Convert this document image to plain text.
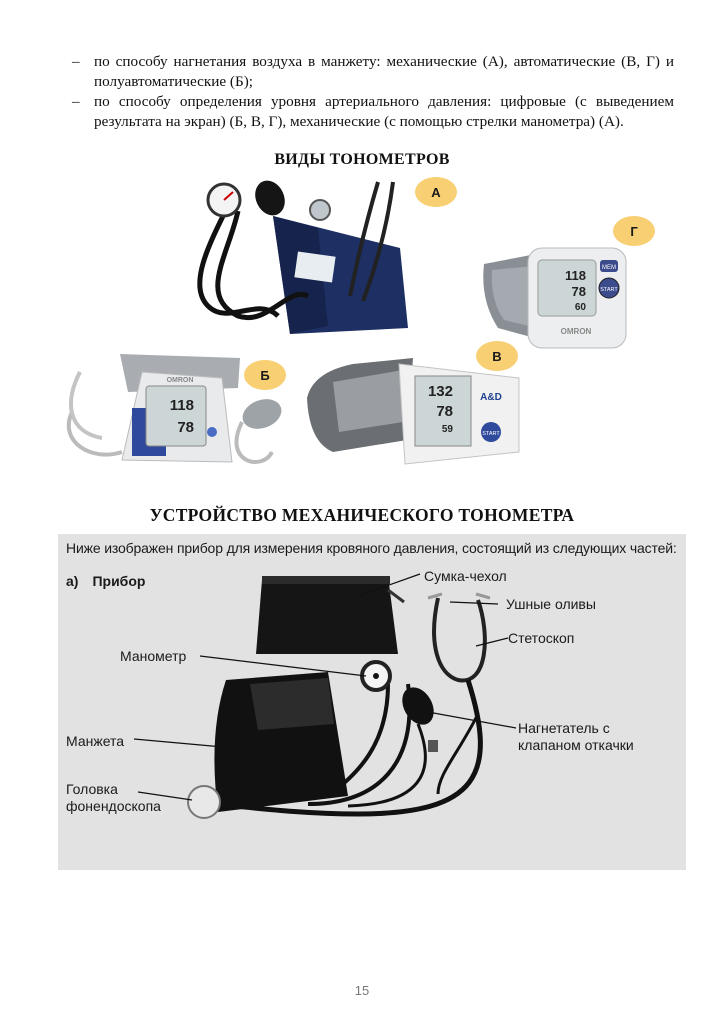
– по способу нагнетания воздуха в манжету: механические (А), автоматические (В, Г) и полуавтоматические (Б);
– по способу определения уровня артериального давления: цифровые (с выведением результата на экран) (Б, В, Г), механические (с помощью стрелки манометра) (А).
ВИДЫ ТОНОМЕТРОВ
А
MEM
START
118
78
60
OMRON
Г
118
78
OMRON	Б
132
78
59
A&D
START
В
УСТРОЙСТВО МЕХАНИЧЕСКОГО ТОНОМЕТРА
Ниже изображен прибор для измерения кровяного давления, состоящий из следующих частей:
а) Прибор	Сумка-чехол
Ушные оливы
Стетоскоп
Манометр
Нагнетатель с
клапаном откачки
Манжета
Головка
фонендоскопа
15
